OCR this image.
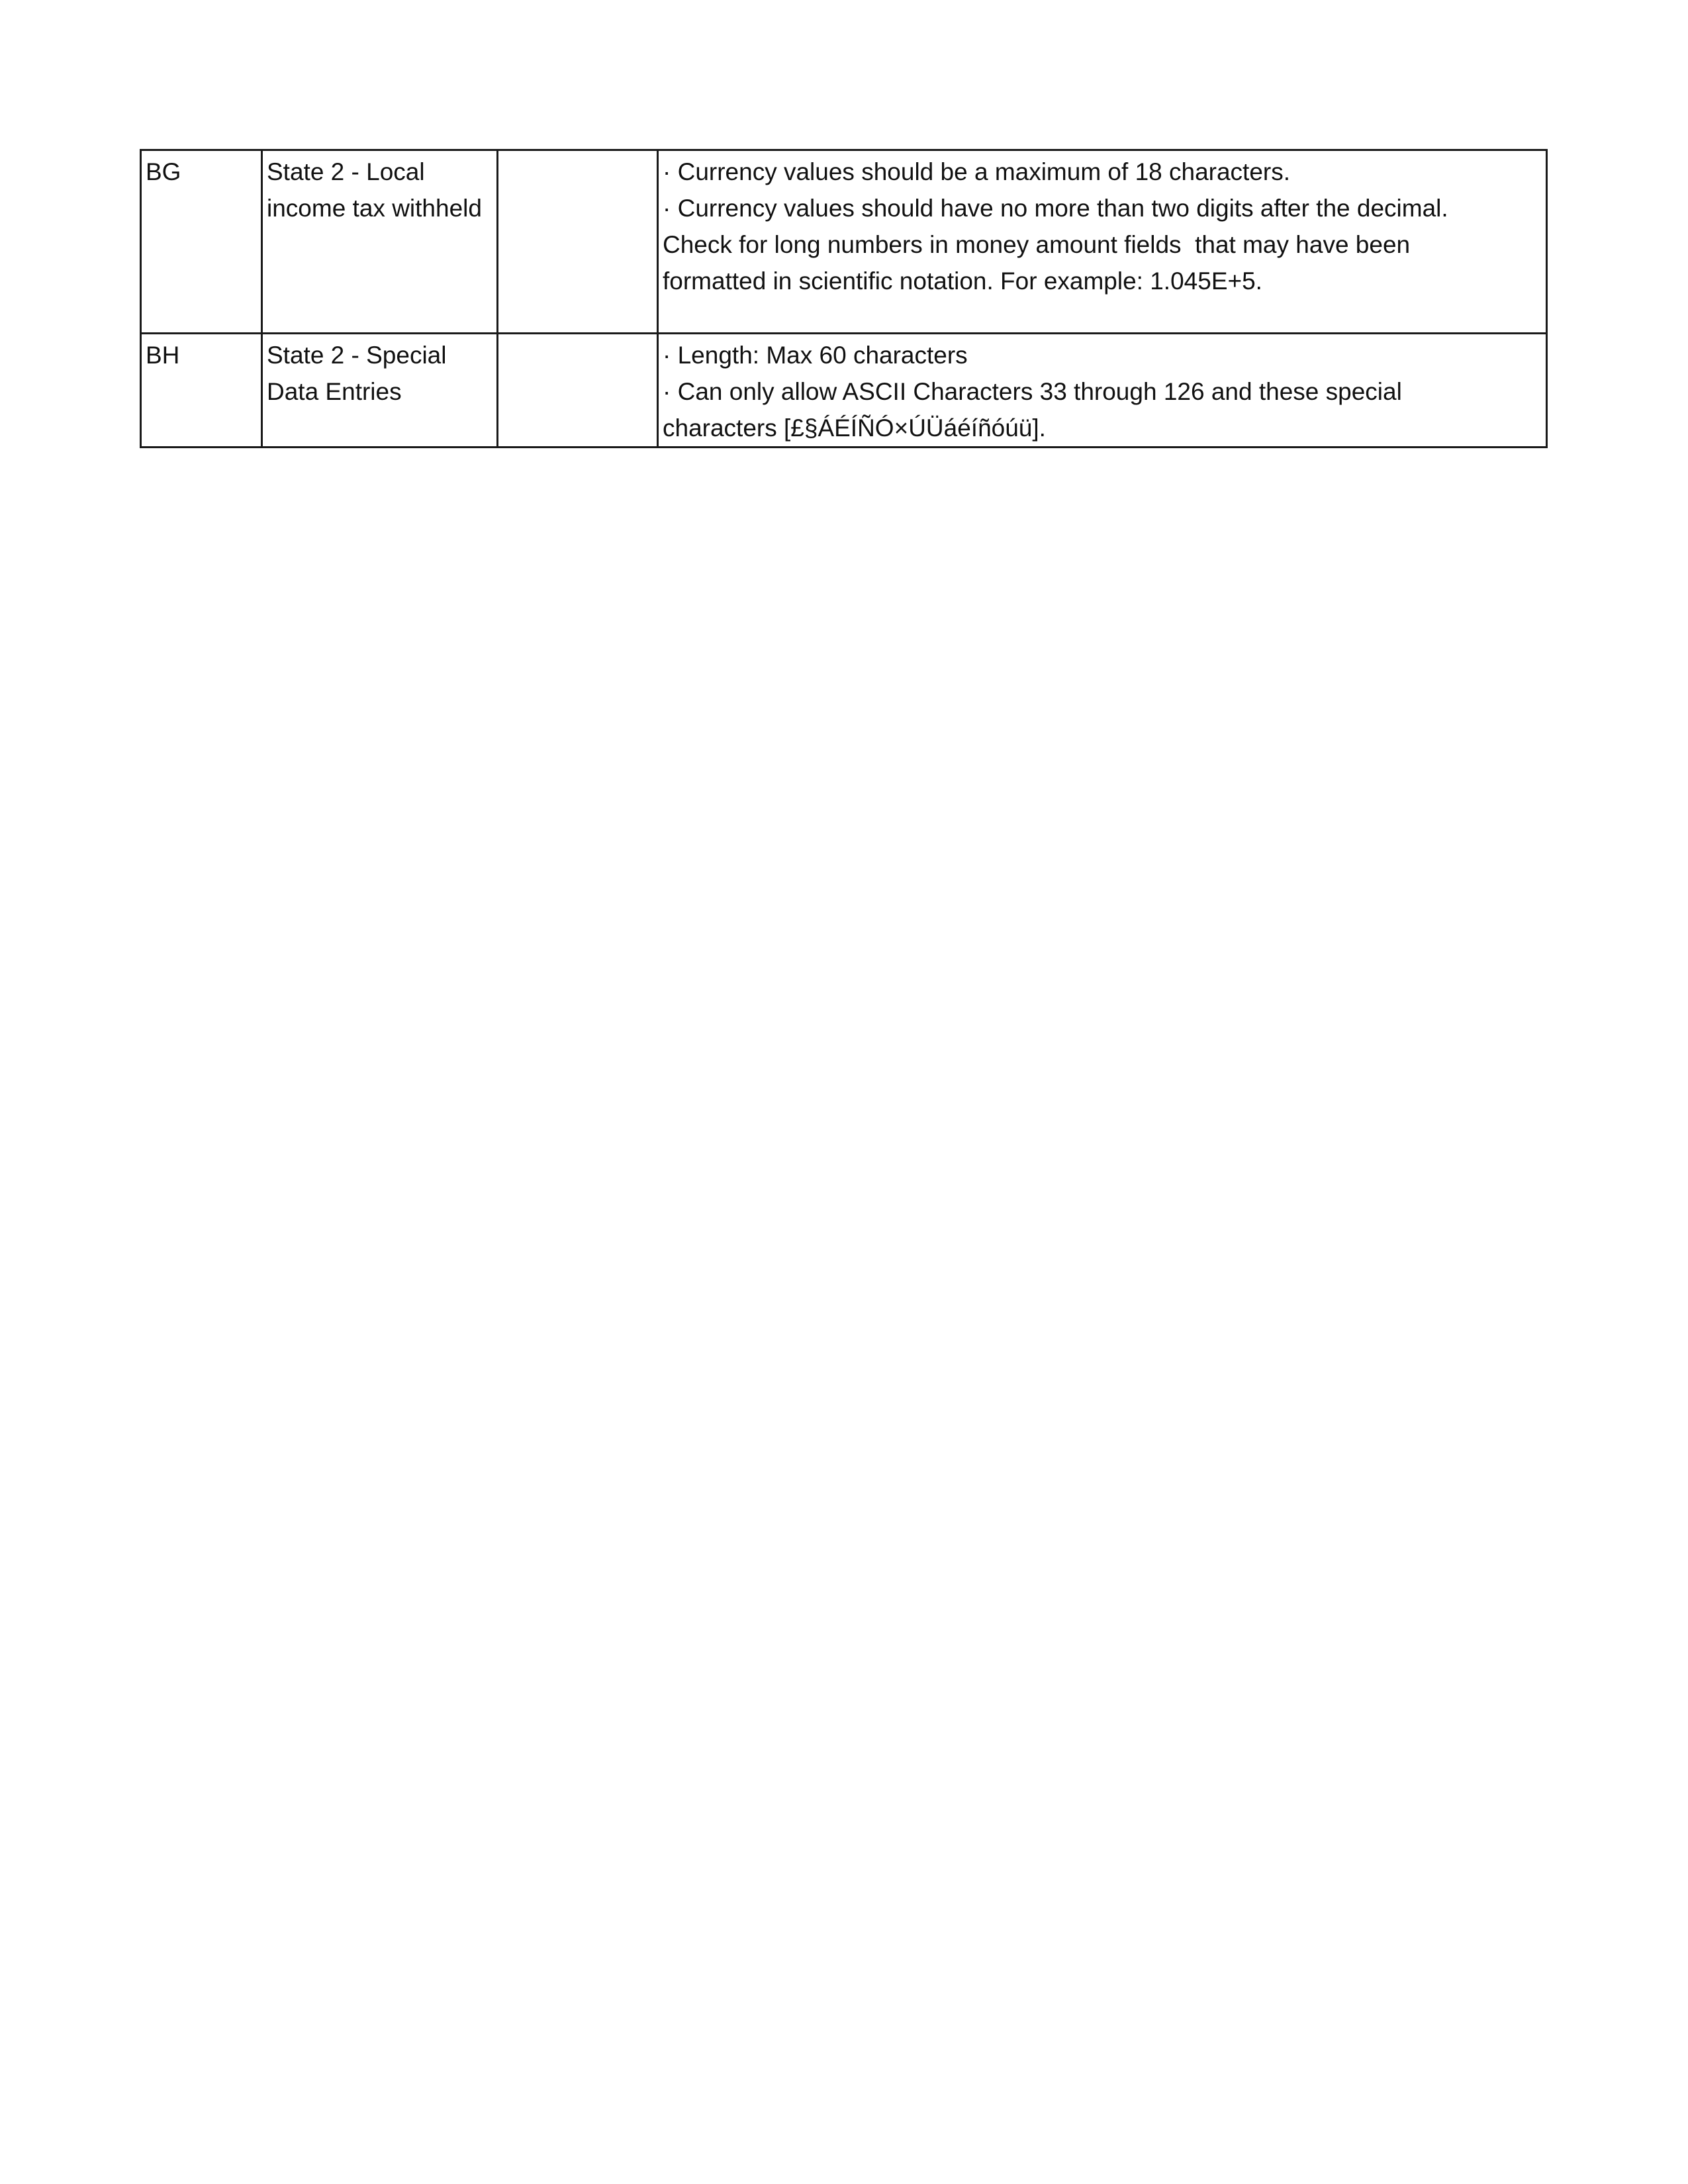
BG	State 2 - Local
income tax withheld		· Currency values should be a maximum of 18 characters.
· Currency values should have no more than two digits after the decimal.
Check for long numbers in money amount fields  that may have been
formatted in scientific notation. For example: 1.045E+5.

BH	State 2 - Special
Data Entries		· Length: Max 60 characters
· Can only allow ASCII Characters 33 through 126 and these special
characters [£§ÁÉÍÑÓ×ÚÜáéíñóúü].
